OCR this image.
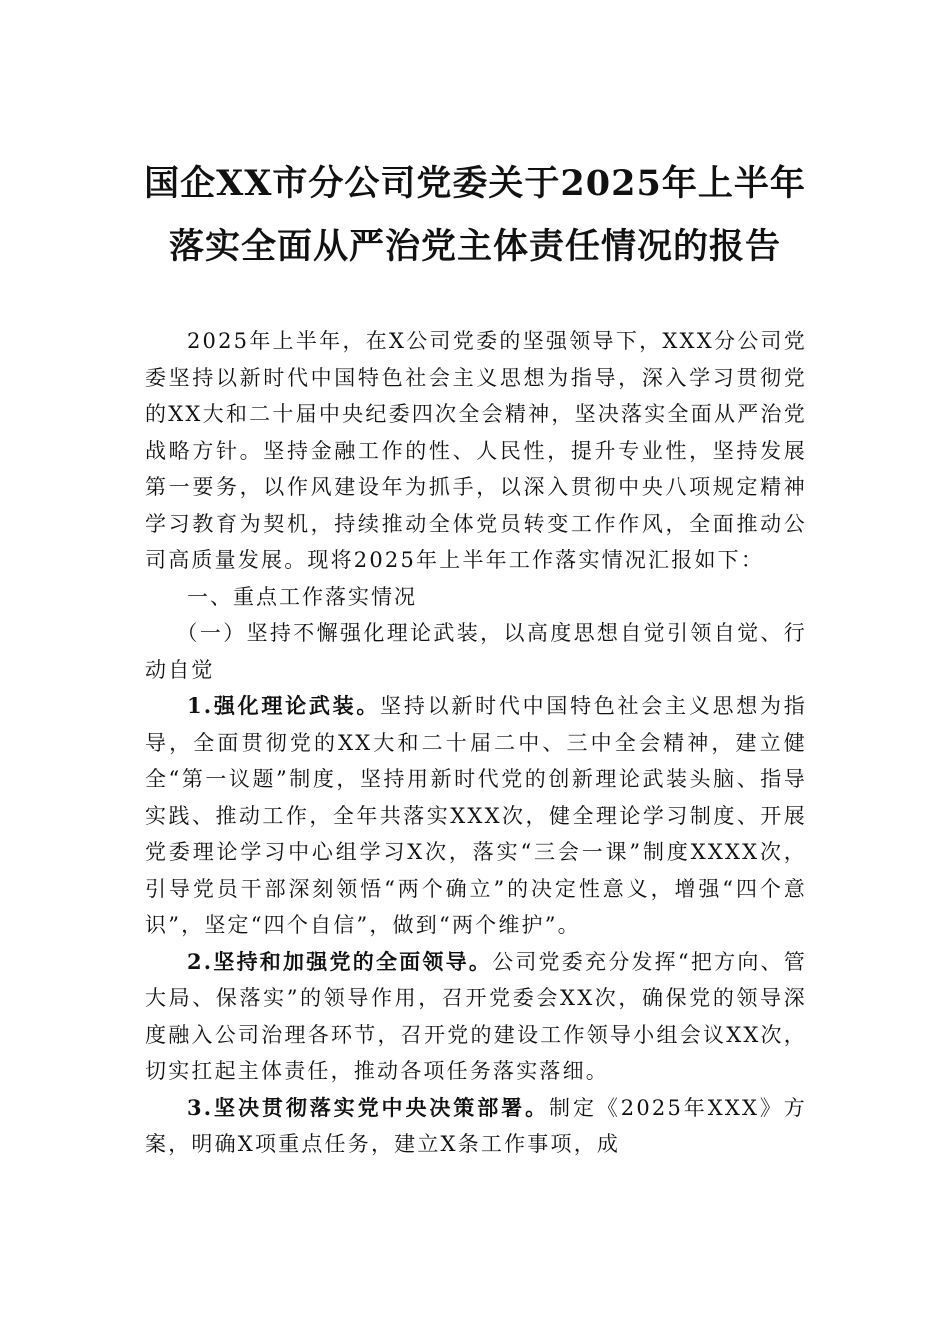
国企XX市分公司党委关于2025年上半年
落实全面从严治党主体责任情况的报告

2025年上半年，在X公司党委的坚强领导下，XXX分公司党委坚持以新时代中国特色社会主义思想为指导，深入学习贯彻党的XX大和二十届中央纪委四次全会精神，坚决落实全面从严治党战略方针。坚持金融工作的性、人民性，提升专业性，坚持发展第一要务，以作风建设年为抓手，以深入贯彻中央八项规定精神学习教育为契机，持续推动全体党员转变工作作风，全面推动公司高质量发展。现将2025年上半年工作落实情况汇报如下：

一、重点工作落实情况

（一）坚持不懈强化理论武装，以高度思想自觉引领自觉、行动自觉

1.强化理论武装。坚持以新时代中国特色社会主义思想为指导，全面贯彻党的XX大和二十届二中、三中全会精神，建立健全“第一议题”制度，坚持用新时代党的创新理论武装头脑、指导实践、推动工作，全年共落实XXX次，健全理论学习制度、开展党委理论学习中心组学习X次，落实“三会一课”制度XXXX次，引导党员干部深刻领悟“两个确立”的决定性意义，增强“四个意识”，坚定“四个自信”，做到“两个维护”。

2.坚持和加强党的全面领导。公司党委充分发挥“把方向、管大局、保落实”的领导作用，召开党委会XX次，确保党的领导深度融入公司治理各环节，召开党的建设工作领导小组会议XX次，切实扛起主体责任，推动各项任务落实落细。

3.坚决贯彻落实党中央决策部署。制定《2025年XXX》方案，明确X项重点任务，建立X条工作事项，成
